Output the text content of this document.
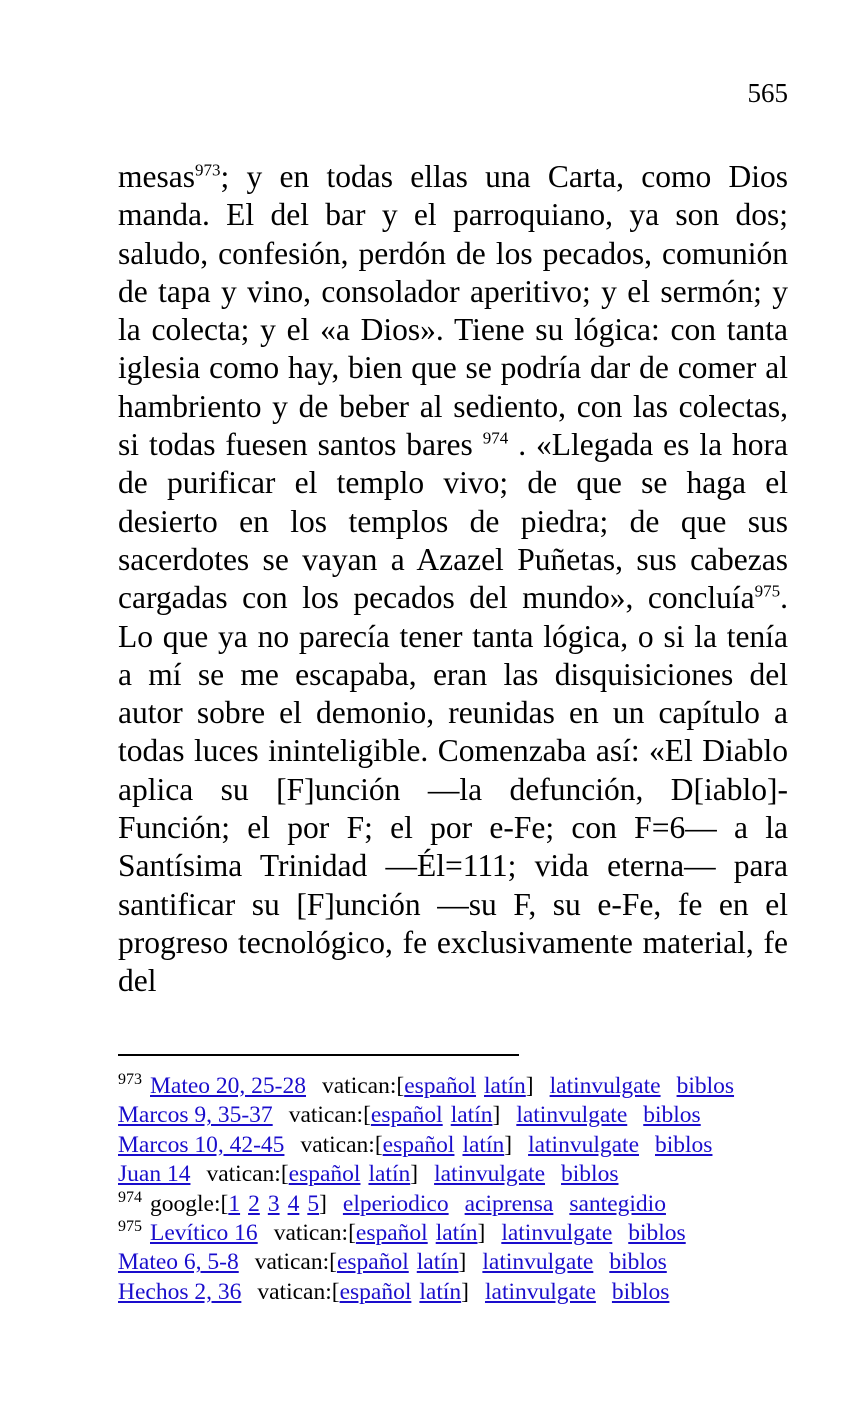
565
mesas$^{973}$; y en todas ellas una Carta, como Dios manda. El del bar y el parroquiano, ya son dos; saludo, confesión, perdón de los pecados, comunión de tapa y vino, consolador aperitivo; y el sermón; y la colecta; y el «a Dios». Tiene su lógica: con tanta iglesia como hay, bien que se podría dar de comer al hambriento y de beber al sediento, con las colectas, si todas fuesen santos bares $^{974}$ . «Llegada es la hora de purificar el templo vivo; de que se haga el desierto en los templos de piedra; de que sus sacerdotes se vayan a Azazel Puñetas, sus cabezas cargadas con los pecados del mundo», concluía$^{975}$. Lo que ya no parecía tener tanta lógica, o si la tenía a mí se me escapaba, eran las disquisiciones del autor sobre el demonio, reunidas en un capítulo a todas luces ininteligible. Comenzaba así: «El Diablo aplica su [F]unción —la defunción, D[iablo]-Función; el por F; el por e-Fe; con F=6— a la Santísima Trinidad —Él=111; vida eterna— para santificar su [F]unción —su F, su e-Fe, fe en el progreso tecnológico, fe exclusivamente material, fe del
$^{973}$ Mateo 20, 25-28 vatican:[español latín] latinvulgate biblos
Marcos 9, 35-37 vatican:[español latín] latinvulgate biblos
Marcos 10, 42-45 vatican:[español latín] latinvulgate biblos
Juan 14 vatican:[español latín] latinvulgate biblos
$^{974}$ google:[1 2 3 4 5] elperiodico aciprensa santegidio
$^{975}$ Levítico 16 vatican:[español latín] latinvulgate biblos
Mateo 6, 5-8 vatican:[español latín] latinvulgate biblos
Hechos 2, 36 vatican:[español latín] latinvulgate biblos
